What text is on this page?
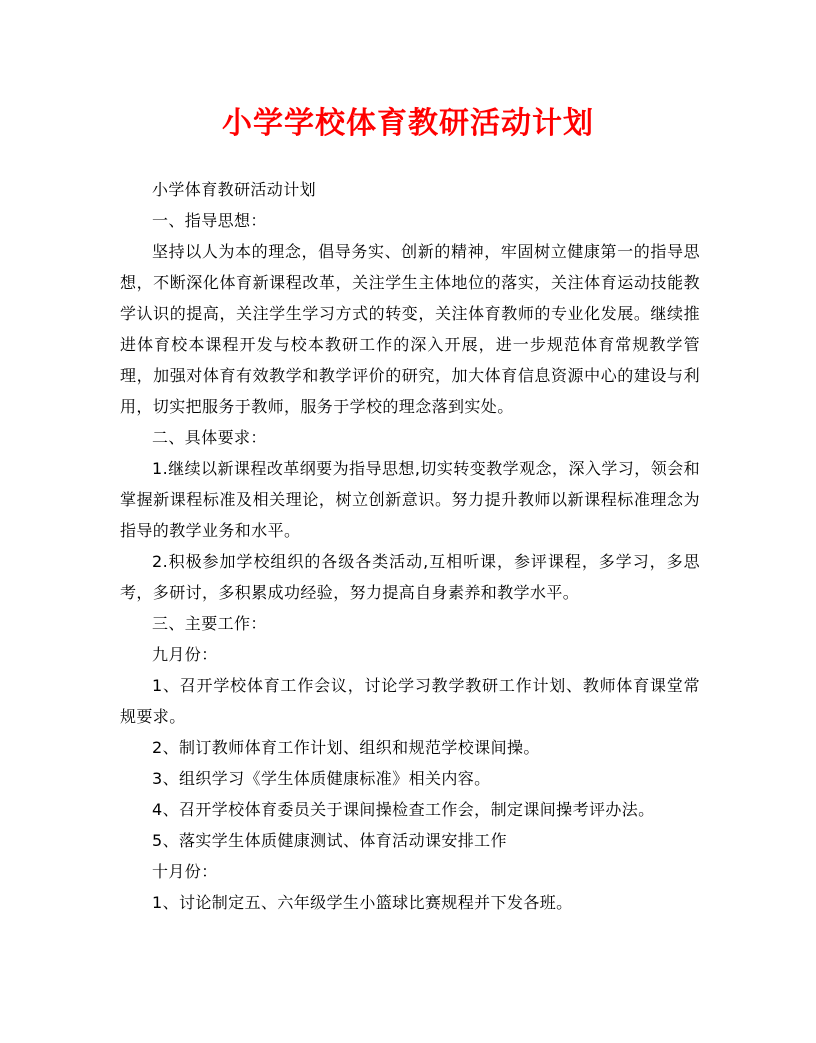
小学学校体育教研活动计划

小学体育教研活动计划

一、指导思想：

坚持以人为本的理念，倡导务实、创新的精神，牢固树立健康第一的指导思想，不断深化体育新课程改革，关注学生主体地位的落实，关注体育运动技能教学认识的提高，关注学生学习方式的转变，关注体育教师的专业化发展。继续推进体育校本课程开发与校本教研工作的深入开展，进一步规范体育常规教学管理，加强对体育有效教学和教学评价的研究，加大体育信息资源中心的建设与利用，切实把服务于教师，服务于学校的理念落到实处。

二、具体要求：

1.继续以新课程改革纲要为指导思想,切实转变教学观念，深入学习，领会和掌握新课程标准及相关理论，树立创新意识。努力提升教师以新课程标准理念为指导的教学业务和水平。

2.积极参加学校组织的各级各类活动,互相听课，参评课程，多学习，多思考，多研讨，多积累成功经验，努力提高自身素养和教学水平。

三、主要工作：

九月份：

1、召开学校体育工作会议，讨论学习教学教研工作计划、教师体育课堂常规要求。

2、制订教师体育工作计划、组织和规范学校课间操。

3、组织学习《学生体质健康标准》相关内容。

4、召开学校体育委员关于课间操检查工作会，制定课间操考评办法。

5、落实学生体质健康测试、体育活动课安排工作

十月份：

1、讨论制定五、六年级学生小篮球比赛规程并下发各班。
